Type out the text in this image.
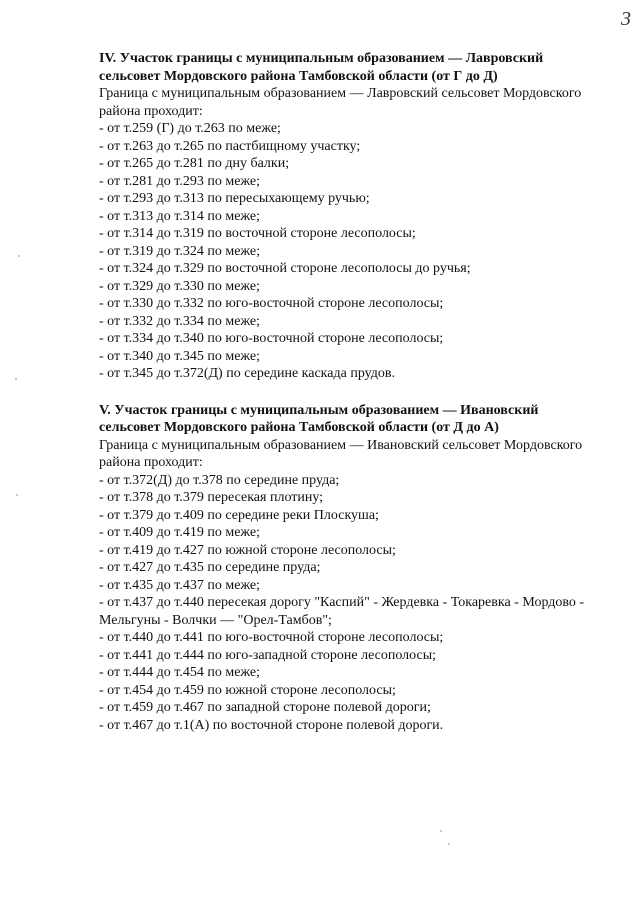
3

IV. Участок границы с муниципальным образованием — Лавровский сельсовет Мордовского района Тамбовской области (от Г до Д)

Граница с муниципальным образованием — Лавровский сельсовет Мордовского района проходит:

- от т.259 (Г) до т.263 по меже;
- от т.263 до т.265 по пастбищному участку;
- от т.265 до т.281 по дну балки;
- от т.281 до т.293 по меже;
- от т.293 до т.313 по пересыхающему ручью;
- от т.313 до т.314 по меже;
- от т.314 до т.319 по восточной стороне лесополосы;
- от т.319 до т.324 по меже;
- от т.324 до т.329 по восточной стороне лесополосы до ручья;
- от т.329 до т.330 по меже;
- от т.330 до т.332 по юго-восточной стороне лесополосы;
- от т.332 до т.334 по меже;
- от т.334 до т.340 по юго-восточной стороне лесополосы;
- от т.340 до т.345 по меже;
- от т.345 до т.372(Д) по середине каскада прудов.

V. Участок границы с муниципальным образованием — Ивановский сельсовет Мордовского района Тамбовской области (от Д до А)

Граница с муниципальным образованием — Ивановский сельсовет Мордовского района проходит:

- от т.372(Д) до т.378 по середине пруда;
- от т.378 до т.379 пересекая плотину;
- от т.379 до т.409 по середине реки Плоскуша;
- от т.409 до т.419 по меже;
- от т.419 до т.427 по южной стороне лесополосы;
- от т.427 до т.435 по середине пруда;
- от т.435 до т.437 по меже;
- от т.437 до т.440 пересекая дорогу "Каспий" - Жердевка - Токаревка - Мордово - Мельгуны - Волчки — "Орел-Тамбов";
- от т.440 до т.441 по юго-восточной стороне лесополосы;
- от т.441 до т.444 по юго-западной стороне лесополосы;
- от т.444 до т.454 по меже;
- от т.454 до т.459 по южной стороне лесополосы;
- от т.459 до т.467 по западной стороне полевой дороги;
- от т.467 до т.1(А) по восточной стороне полевой дороги.
